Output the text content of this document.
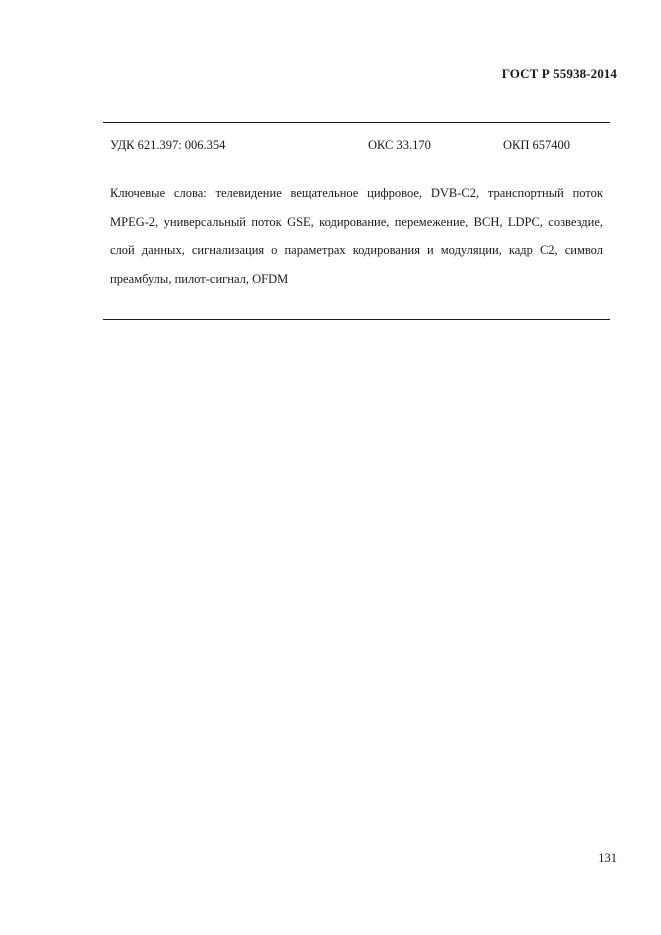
ГОСТ Р 55938-2014
УДК 621.397: 006.354	ОКС 33.170	ОКП 657400

Ключевые слова: телевидение вещательное цифровое, DVB-C2, транспортный поток MPEG-2, универсальный поток GSE, кодирование, перемежение, BCH, LDPC, созвездие, слой данных, сигнализация о параметрах кодирования и модуляции, кадр C2, символ преамбулы, пилот-сигнал, OFDM

131
